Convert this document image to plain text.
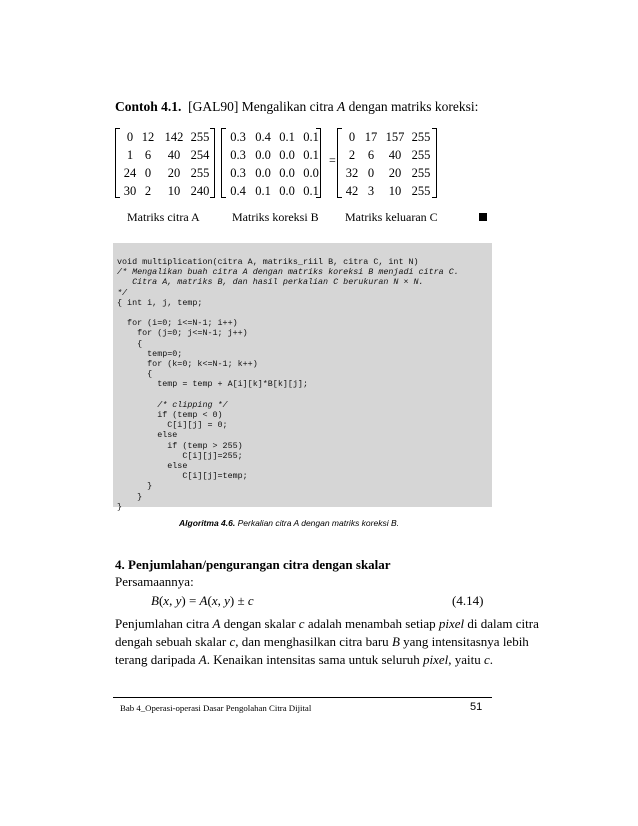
Contoh 4.1. [GAL90] Mengalikan citra A dengan matriks koreksi:
0 12 142 255
1 6	40 254
24 0	20 255
30 2	10 240
0.3 0.4 0.1 0.1
0.3 0.0 0.0 0.1
0.3 0.0 0.0 0.0
0.4 0.1 0.0 0.1
=
0 17 157 255
2	6	40 255
32 0	20 255
42 3	10 255
Matriks citra A	Matriks koreksi B Matriks keluaran C
void multiplication(citra A, matriks_riil B, citra C, int N)
/* Mengalikan buah citra A dengan matriks koreksi B menjadi citra C.
Citra A, matriks B, dan hasil perkalian C berukuran N × N.
*/
{ int i, j, temp;

for (i=0; i<=N-1; i++)
for (j=0; j<=N-1; j++)
{
temp=0;
for (k=0; k<=N-1; k++)
{
temp = temp + A[i][k]*B[k][j];

/* clipping */
if (temp < 0)
C[i][j] = 0;
else
if (temp > 255)
C[i][j]=255;
else
C[i][j]=temp;
}
}
}

Algoritma 4.6. Perkalian citra A dengan matriks koreksi B.
4. Penjumlahan/pengurangan citra dengan skalar
Persamaannya:
B(x, y) = A(x, y) ± c	(4.14)
Penjumlahan citra A dengan skalar c adalah menambah setiap pixel di dalam citra
dengah sebuah skalar c, dan menghasilkan citra baru B yang intensitasnya lebih
terang daripada A. Kenaikan intensitas sama untuk seluruh pixel, yaitu c.
Bab 4_Operasi-operasi Dasar Pengolahan Citra Dijital	51
